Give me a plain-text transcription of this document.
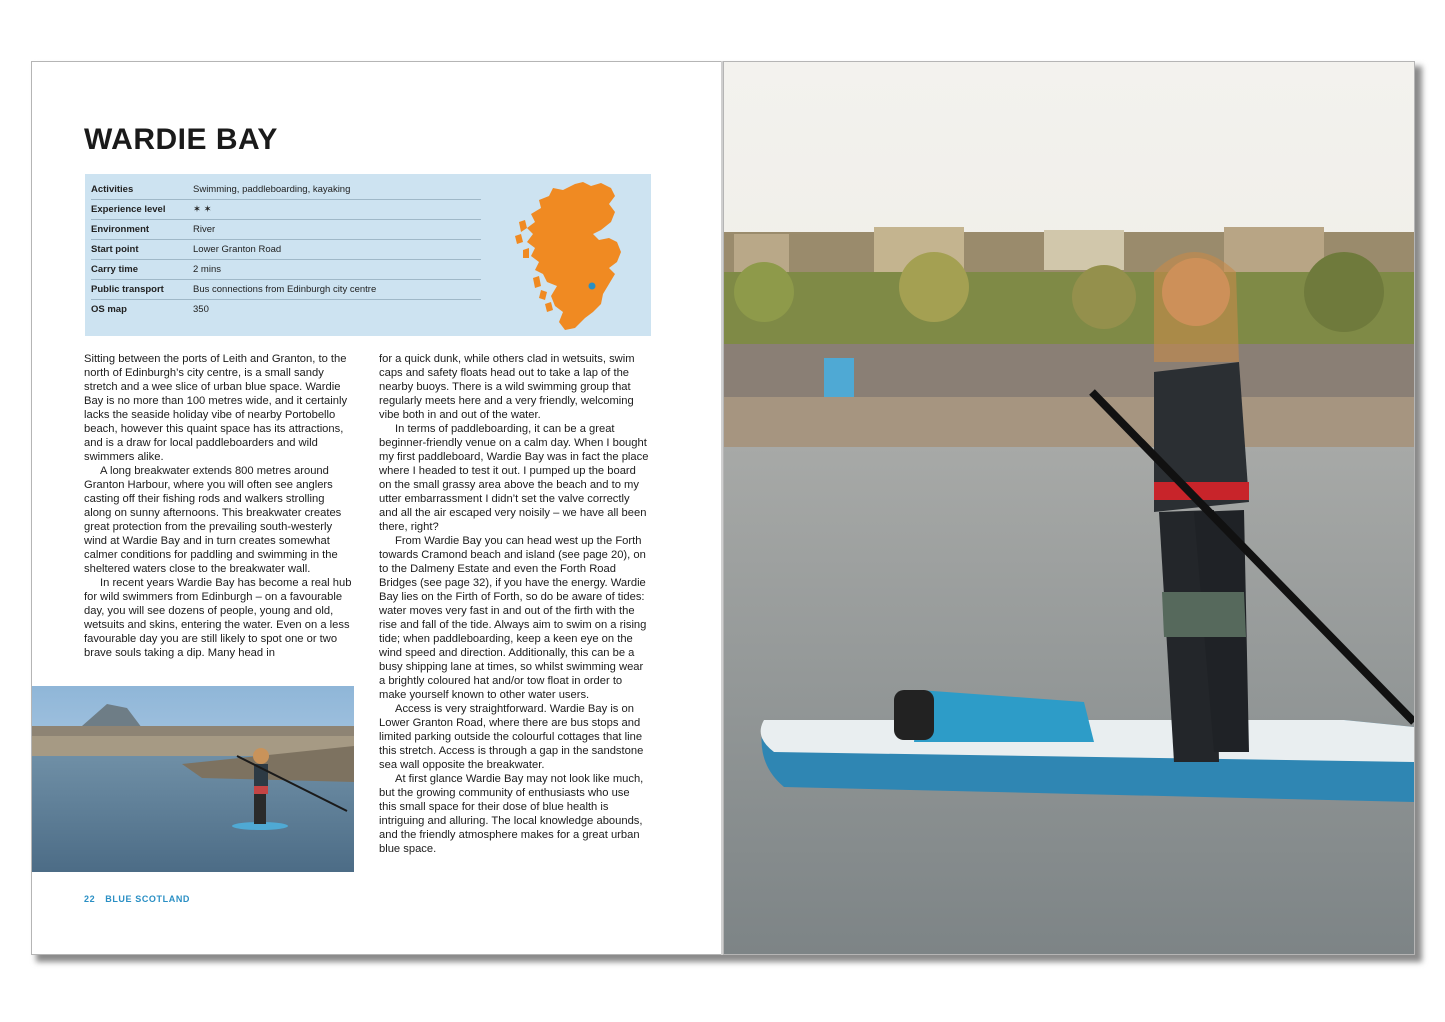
WARDIE BAY
Activities	Swimming, paddleboarding, kayaking
Experience level	✶ ✶
Environment	River
Start point	Lower Granton Road
Carry time	2 mins
Public transport	Bus connections from Edinburgh city centre
OS map	350

Sitting between the ports of Leith and Granton, to the north of Edinburgh’s city centre, is a small sandy stretch and a wee slice of urban blue space. Wardie Bay is no more than 100 metres wide, and it certainly lacks the seaside holiday vibe of nearby Portobello beach, however this quaint space has its attractions, and is a draw for local paddleboarders and wild swimmers alike.

A long breakwater extends 800 metres around Granton Harbour, where you will often see anglers casting off their fishing rods and walkers strolling along on sunny afternoons. This breakwater creates great protection from the prevailing south-westerly wind at Wardie Bay and in turn creates somewhat calmer conditions for paddling and swimming in the sheltered waters close to the breakwater wall.

In recent years Wardie Bay has become a real hub for wild swimmers from Edinburgh – on a favourable day, you will see dozens of people, young and old, wetsuits and skins, entering the water. Even on a less favourable day you are still likely to spot one or two brave souls taking a dip. Many head in

for a quick dunk, while others clad in wetsuits, swim caps and safety floats head out to take a lap of the nearby buoys. There is a wild swimming group that regularly meets here and a very friendly, welcoming vibe both in and out of the water.

In terms of paddleboarding, it can be a great beginner-friendly venue on a calm day. When I bought my first paddleboard, Wardie Bay was in fact the place where I headed to test it out. I pumped up the board on the small grassy area above the beach and to my utter embarrassment I didn’t set the valve correctly and all the air escaped very noisily – we have all been there, right?

From Wardie Bay you can head west up the Forth towards Cramond beach and island (see page 20), on to the Dalmeny Estate and even the Forth Road Bridges (see page 32), if you have the energy. Wardie Bay lies on the Firth of Forth, so do be aware of tides: water moves very fast in and out of the firth with the rise and fall of the tide. Always aim to swim on a rising tide; when paddleboarding, keep a keen eye on the wind speed and direction. Additionally, this can be a busy shipping lane at times, so whilst swimming wear a brightly coloured hat and/or tow float in order to make yourself known to other water users.

Access is very straightforward. Wardie Bay is on Lower Granton Road, where there are bus stops and limited parking outside the colourful cottages that line this stretch. Access is through a gap in the sandstone sea wall opposite the breakwater.

At first glance Wardie Bay may not look like much, but the growing community of enthusiasts who use this small space for their dose of blue health is intriguing and alluring. The local knowledge abounds, and the friendly atmosphere makes for a great urban blue space.

22 BLUE SCOTLAND
